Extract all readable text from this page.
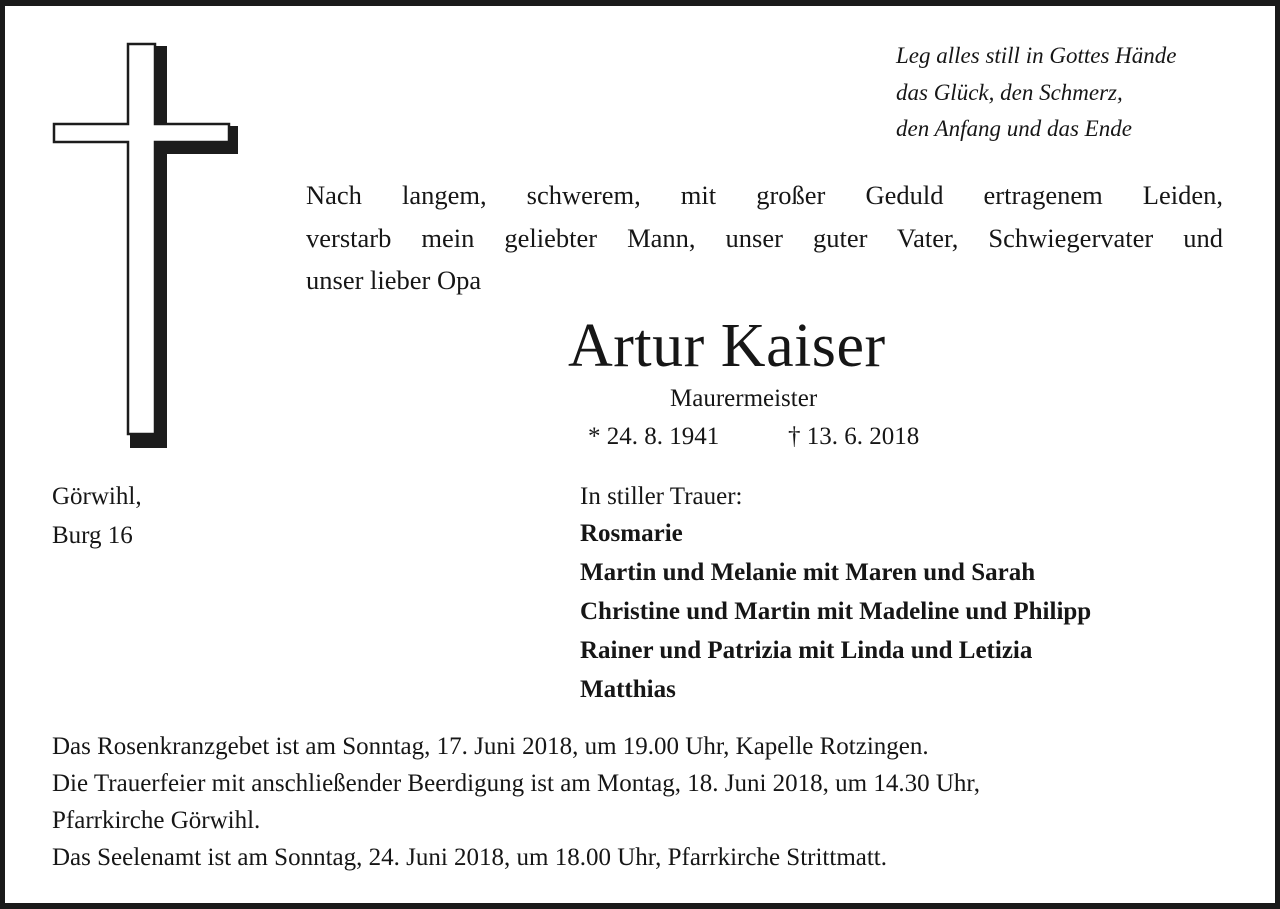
Leg alles still in Gottes Hände
das Glück, den Schmerz,
den Anfang und das Ende
Nach langem, schwerem, mit großer Geduld ertragenem Leiden,
verstarb mein geliebter Mann, unser guter Vater, Schwiegervater und
unser lieber Opa
Artur Kaiser
Maurermeister
* 24. 8. 1941	† 13. 6. 2018
Görwihl,
Burg 16
In stiller Trauer:
Rosmarie
Martin und Melanie mit Maren und Sarah
Christine und Martin mit Madeline und Philipp
Rainer und Patrizia mit Linda und Letizia
Matthias
Das Rosenkranzgebet ist am Sonntag, 17. Juni 2018, um 19.00 Uhr, Kapelle Rotzingen.
Die Trauerfeier mit anschließender Beerdigung ist am Montag, 18. Juni 2018, um 14.30 Uhr,
Pfarrkirche Görwihl.
Das Seelenamt ist am Sonntag, 24. Juni 2018, um 18.00 Uhr, Pfarrkirche Strittmatt.
